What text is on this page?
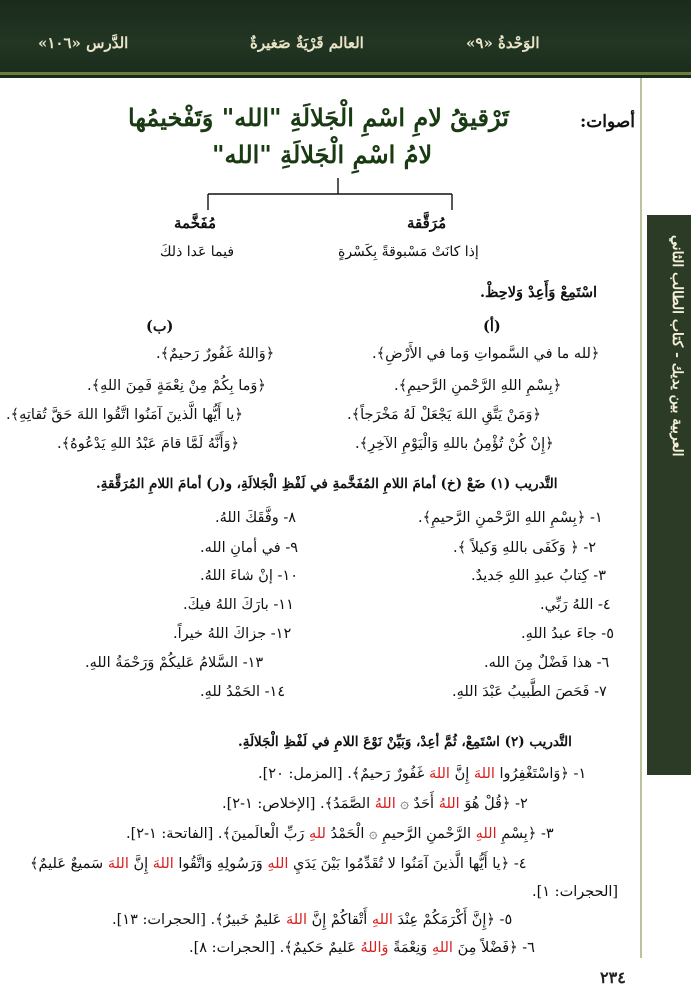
الدَّرس «١٠٦»	العالم قَرْيَةٌ صَغيرةٌ	الوَحْدةُ «٩»
العربية بين يديك - كتاب الطالب الثاني
أصوات:
تَرْقيقُ لامِ اسْمِ الْجَلالَةِ "الله" وَتَفْخيمُها
لامُ اسْمِ الْجَلالَةِ "الله"
مُرَقَّقة
إذا كانَتْ مَسْبوقةً بِكَسْرةٍ
مُفَخَّمة
فيما عَدا ذلكَ
اسْتَمِعْ وَأَعِدْ وَلاحِظْ.
(أ)
(ب)
﴿لله ما في السَّمواتِ وَما في الأَرْضِ﴾.
﴿بِسْمِ اللهِ الرَّحْمنِ الرَّحيمِ﴾.
﴿وَمَنْ يَتَّقِ اللهَ يَجْعَلْ لَهُ مَخْرَجاً﴾.
﴿إِنْ كُنْ تُؤْمِنُ باللهِ وَالْيَوْمِ الآخِرِ﴾.
﴿وَاللهُ غَفُورٌ رَحيمٌ﴾.
﴿وَما بِكُمْ مِنْ نِعْمَةٍ فَمِنَ اللهِ﴾.
﴿يا أَيُّها الَّذينَ آمَنُوا اتَّقُوا اللهَ حَقَّ تُقاتِهِ﴾.
﴿وَأَنَّهُ لَمَّا قامَ عَبْدُ اللهِ يَدْعُوهُ﴾.
التَّدريب (١) ضَعْ (خ) أمامَ اللامِ المُفَخَّمةِ في لَفْظِ الْجَلالَةِ، و(ر) أمامَ اللامِ المُرَقَّقةِ.
١- ﴿بِسْمِ اللهِ الرَّحْمنِ الرَّحيمِ﴾.
٢- ﴿ وَكَفَى باللهِ وَكيلاً ﴾.
٣- كِتابُ عبدِ اللهِ جَديدٌ.
٤- اللهُ رَبِّي.
٥- جاءَ عبدُ اللهِ.
٦- هذا فَضْلٌ مِنَ الله.
٧- فَحَصَ الطَّبيبُ عَبْدَ اللهِ.
٨- وفَّقَكَ اللهُ.
٩- في أمانِ الله.
١٠- إنْ شاءَ اللهُ.
١١- بارَكَ اللهُ فيكَ.
١٢- جزاكَ اللهُ خيراً.
١٣- السَّلامُ عَليكُمْ وَرَحْمَةُ اللهِ.
١٤- الحَمْدُ للهِ.
التَّدريب (٢) اسْتَمِعْ، ثُمَّ أعِدْ، وَبَيِّنْ نَوْعَ اللامِ في لَفْظِ الْجَلالَةِ.
١- ﴿وَاسْتَغْفِرُوا اللهَ إِنَّ اللهَ غَفُورٌ رَحيمٌ﴾. [المزمل: ٢٠].
٢- ﴿قُلْ هُوَ اللهُ أَحَدٌ ۞ اللهُ الصَّمَدُ﴾. [الإخلاص: ١-٢].
٣- ﴿بِسْمِ اللهِ الرَّحْمنِ الرَّحيمِ ۞ الْحَمْدُ للهِ رَبِّ الْعالَمينَ﴾. [الفاتحة: ١-٢].
٤- ﴿يا أَيُّها الَّذينَ آمَنُوا لا تُقَدِّمُوا بَيْنَ يَدَيِ اللهِ وَرَسُولِهِ وَاتَّقُوا اللهَ إِنَّ اللهَ سَميعٌ عَليمٌ﴾
[الحجرات: ١].
٥- ﴿إِنَّ أَكْرَمَكُمْ عِنْدَ اللهِ أَتْقاكُمْ إِنَّ اللهَ عَليمٌ خَبيرٌ﴾. [الحجرات: ١٣].
٦- ﴿فَضْلاً مِنَ اللهِ وَنِعْمَةً وَاللهُ عَليمٌ حَكيمٌ﴾. [الحجرات: ٨].
٢٣٤
